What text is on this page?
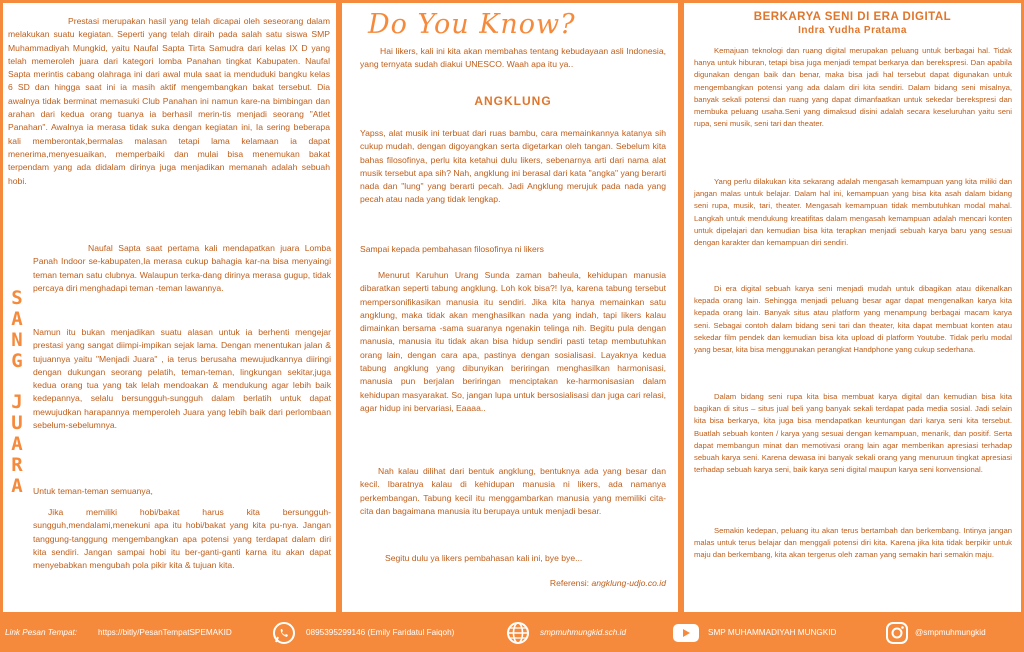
Prestasi merupakan hasil yang telah dicapai oleh seseorang dalam melakukan suatu kegiatan. Seperti yang telah diraih pada salah satu siswa SMP Muhammadiyah Mungkid, yaitu Naufal Sapta Tirta Samudra dari kelas IX D yang telah memeroleh juara dari kategori lomba Panahan tingkat Kabupaten. Naufal Sapta merintis cabang olahraga ini dari awal mula saat ia menduduki bangku kelas 6 SD dan hingga saat ini ia masih aktif mengembangkan bakat tersebut. Dia awalnya tidak berminat memasuki Club Panahan ini namun kare-na bimbingan dan arahan dari kedua orang tuanya ia berhasil merin-tis menjadi seorang "Atlet Panahan". Awalnya ia merasa tidak suka dengan kegiatan ini, Ia sering beberapa kali memberontak,bermalas malasan tetapi lama kelamaan ia dapat menerima,menyesuaikan, memperbaiki dan mulai bisa menemukan bakat terpendam yang ada didalam dirinya juga menjadikan memanah adalah sebuah hobi.

Naufal Sapta saat pertama kali mendapatkan juara Lomba Panah Indoor se-kabupaten,Ia merasa cukup bahagia kar-na bisa menyaingi teman teman satu clubnya. Walaupun terka-dang dirinya merasa gugup, tidak percaya diri menghadapi teman -teman lawannya.

Namun itu bukan menjadikan suatu alasan untuk ia berhenti mengejar prestasi yang sangat diimpi-impikan sejak lama. Dengan menentukan jalan & tujuannya yaitu "Menjadi Juara" , ia terus berusaha mewujudkannya diiringi dengan dukungan seorang pelatih, teman-teman, lingkungan sekitar,juga kedua orang tua yang tak lelah mendoakan & mendukung agar lebih baik kedepannya, selalu bersungguh-sungguh dalam berlatih untuk dapat mewujudkan harapannya memperoleh Juara yang lebih baik dari perlombaan sebelum-sebelumnya.

Untuk teman-teman semuanya,

Jika memiliki hobi/bakat harus kita bersungguh-sungguh,mendalami,menekuni apa itu hobi/bakat yang kita pu-nya. Jangan tanggung-tanggung mengembangkan apa potensi yang terdapat dalam diri kita sendiri. Jangan sampai hobi itu ber-ganti-ganti karna itu akan dapat menyebabkan mengubah pola pikir kita & tujuan kita.

S
A
N
G
J
U
A
R
A

Do You Know?

Hai likers, kali ini kita akan membahas tentang kebudayaan asli Indonesia, yang ternyata sudah diakui UNESCO. Waah apa itu ya..

ANGKLUNG

Yapss, alat musik ini terbuat dari ruas bambu, cara memainkannya katanya sih cukup mudah, dengan digoyangkan serta digetarkan oleh tangan. Sebelum kita bahas filosofinya, perlu kita ketahui dulu likers, sebenarnya arti dari nama alat musik tersebut apa sih? Nah, angklung ini berasal dari kata "angka" yang berarti nada dan "lung" yang berarti pecah. Jadi Angklung merujuk pada nada yang pecah atau nada yang tidak lengkap.

Sampai kepada pembahasan filosofinya ni likers

Menurut Karuhun Urang Sunda zaman baheula, kehidupan manusia dibaratkan seperti tabung angklung. Loh kok bisa?! Iya, karena tabung tersebut mempersonifikasikan manusia itu sendiri. Jika kita hanya memainkan satu angklung, maka tidak akan menghasilkan nada yang indah, tapi likers kalau dimainkan bersama -sama suaranya ngenakin telinga nih. Begitu pula dengan manusia, manusia itu tidak akan bisa hidup sendiri pasti tetap membutuhkan orang lain, dengan cara apa, pastinya dengan sosialisasi. Layaknya kedua tabung angklung yang dibunyikan beriringan menghasilkan harmonisasi, manusia pun berjalan beriringan menciptakan ke-harmonisasian dalam kehidupan masyarakat. So, jangan lupa untuk bersosialisasi dan juga cari relasi, agar hidup ini bervariasi, Eaaaa..

Nah kalau dilihat dari bentuk angklung, bentuknya ada yang besar dan kecil. Ibaratnya kalau di kehidupan manusia ni likers, ada namanya perkembangan. Tabung kecil itu menggambarkan manusia yang memiliki cita-cita dan bagaimana manusia itu berupaya untuk menjadi besar.

Segitu dulu ya likers pembahasan kali ini, bye bye...

Referensi: angklung-udjo.co.id

BERKARYA SENI DI ERA DIGITAL

Indra Yudha Pratama

Kemajuan teknologi dan ruang digital merupakan peluang untuk berbagai hal. Tidak hanya untuk hiburan, tetapi bisa juga menjadi tempat berkarya dan berekspresi. Dan apabila digunakan dengan baik dan benar, maka bisa jadi hal tersebut dapat digunakan untuk mengembangkan potensi yang ada dalam diri kita sendiri. Dalam bidang seni misalnya, banyak sekali potensi dan ruang yang dapat dimanfaatkan untuk sekedar berekspresi dan membuka peluang usaha.Seni yang dimaksud disini adalah secara keseluruhan yaitu seni rupa, seni musik, seni tari dan theater.

Yang perlu dilakukan kita sekarang adalah mengasah kemampuan yang kita miliki dan jangan malas untuk belajar. Dalam hal ini, kemampuan yang bisa kita asah dalam bidang seni rupa, musik, tari, theater. Mengasah kemampuan tidak membutuhkan modal mahal. Langkah untuk mendukung kreatifitas dalam mengasah kemampuan adalah mencari konten untuk dipelajari dan kemudian bisa kita terapkan menjadi sebuah karya baru yang sesuai dengan karakter dan kemampuan diri sendiri.

Di era digital sebuah karya seni menjadi mudah untuk dibagikan atau dikenalkan kepada orang lain. Sehingga menjadi peluang besar agar dapat mengenalkan karya kita kepada orang lain. Banyak situs atau platform yang menampung berbagai macam karya seni. Sebagai contoh dalam bidang seni tari dan theater, kita dapat membuat konten atau sekedar film pendek dan kemudian bisa kita upload di platform Youtube. Tidak perlu modal yang besar, kita bisa menggunakan perangkat Handphone yang cukup sederhana.

Dalam bidang seni rupa kita bisa membuat karya digital dan kemudian bisa kita bagikan di situs – situs jual beli yang banyak sekali terdapat pada media sosial. Jadi selain kita bisa berkarya, kita juga bisa mendapatkan keuntungan dari karya seni kita tersebut. Buatlah sebuah konten / karya yang sesuai dengan kemampuan, menarik, dan positif. Serta dapat membangun minat dan memotivasi orang lain agar memberikan apresiasi terhadap sebuah karya seni. Karena dewasa ini banyak sekali orang yang menuruun tingkat apresiasi terhadap sebuah karya seni, baik karya seni digital maupun karya seni konvensional.

Semakin kedepan, peluang itu akan terus bertambah dan berkembang. Intinya jangan malas untuk terus belajar dan menggali potensi diri kita. Karena jika kita tidak berpikir untuk maju dan berkembang, kita akan tergerus oleh zaman yang semakin hari semakin maju.

Link Pesan Tempat:	https://bitly/PesanTempatSPEMAKID	0895395299146 (Emily Faridatul Faiqoh)	smpmuhmungkid.sch.id	SMP MUHAMMADIYAH MUNGKID	@smpmuhmungkid
